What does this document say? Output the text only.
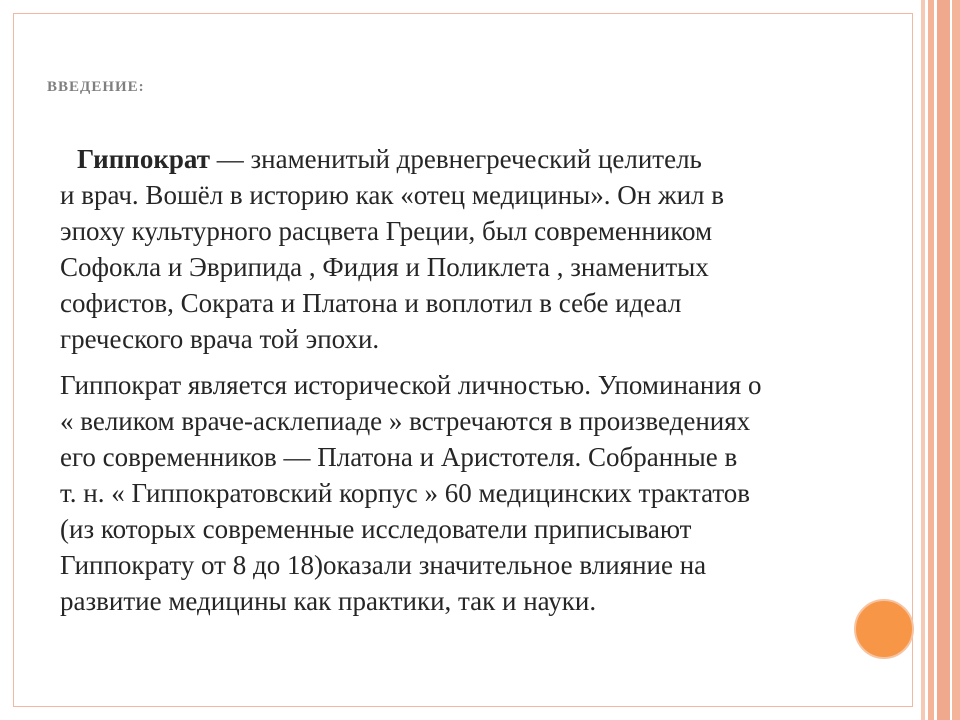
ВВЕДЕНИЕ:

Гиппократ — знаменитый древнегреческий целитель
и врач. Вошёл в историю как «отец медицины». Он жил в
эпоху культурного расцвета Греции, был современником
Софокла и Эврипида , Фидия и Поликлета , знаменитых
софистов, Сократа и Платона и воплотил в себе идеал
греческого врача той эпохи.

Гиппократ является исторической личностью. Упоминания о
« великом враче-асклепиаде » встречаются в произведениях
его современников — Платона и Аристотеля. Собранные в
т. н. « Гиппократовский корпус » 60 медицинских трактатов
(из которых современные исследователи приписывают
Гиппократу от 8 до 18)оказали значительное влияние на
развитие медицины как практики, так и науки.
